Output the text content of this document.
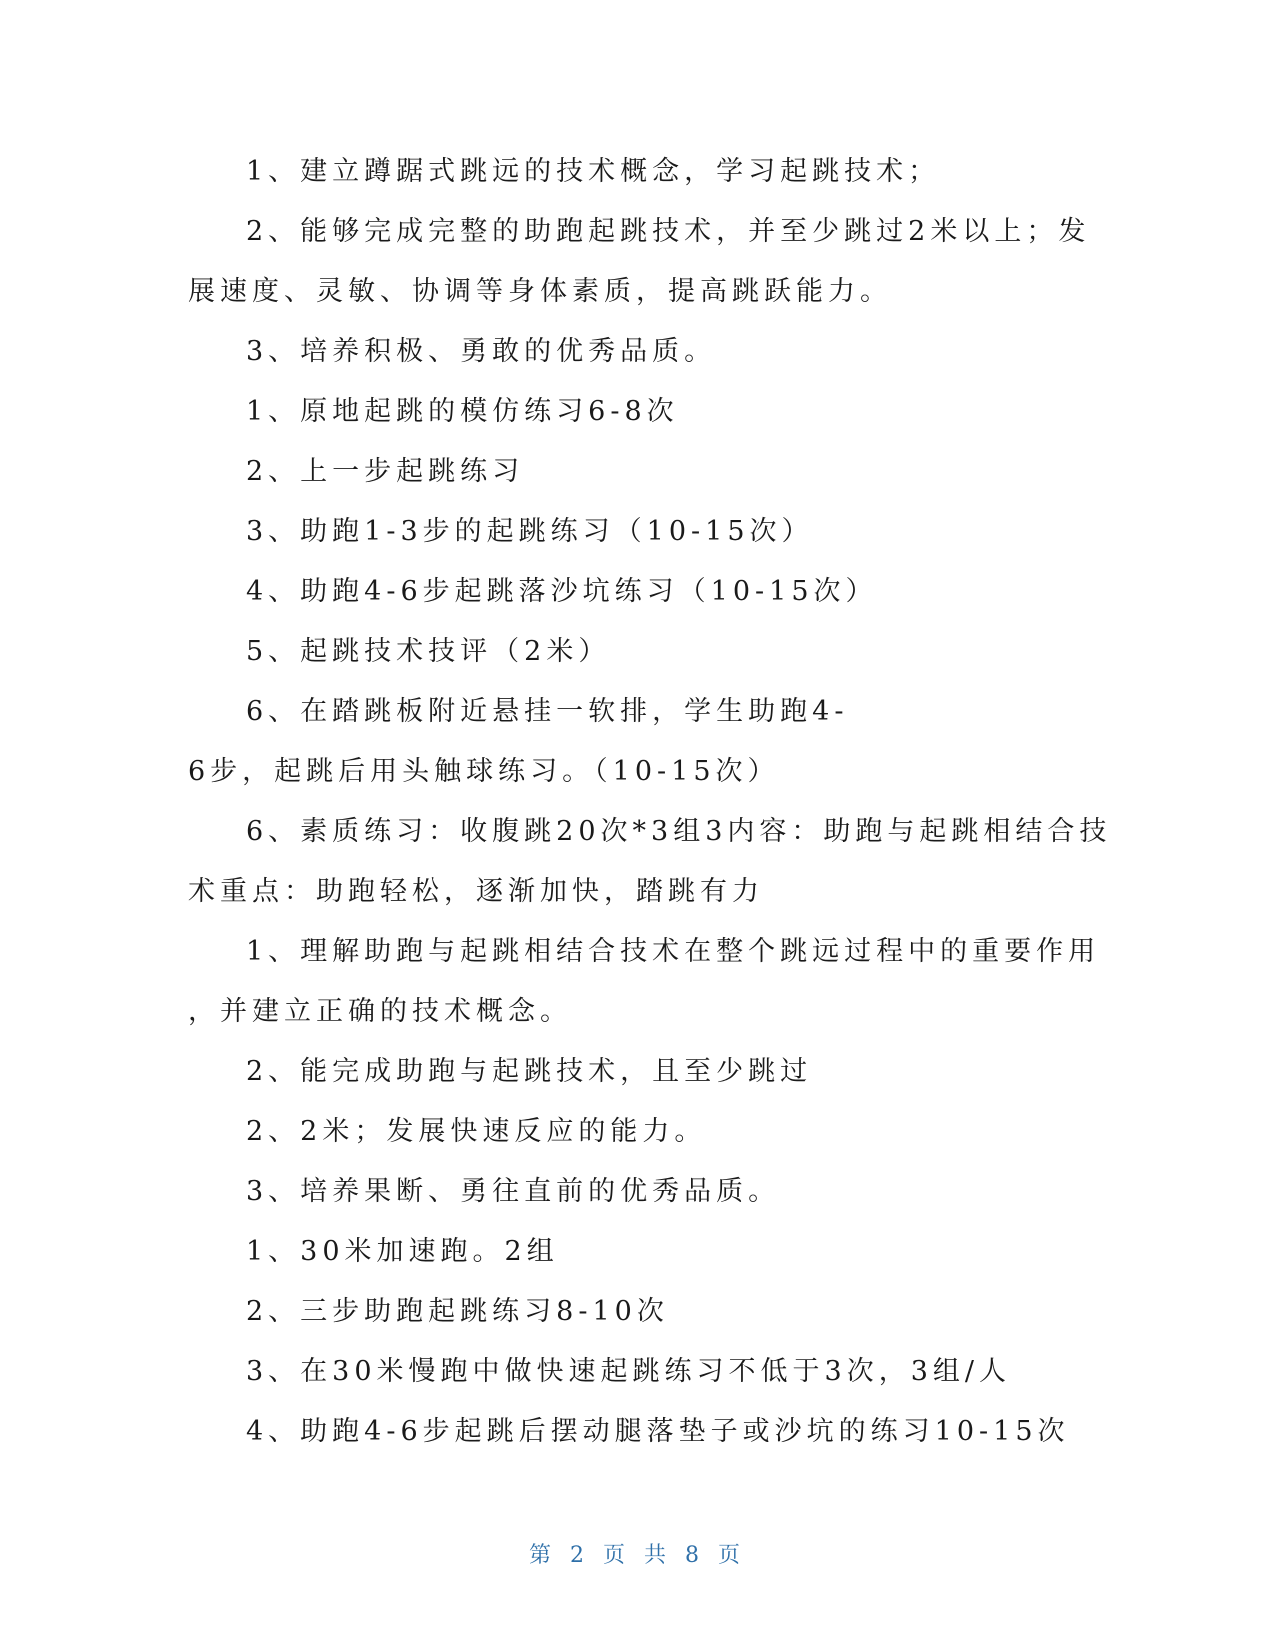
1、建立蹲踞式跳远的技术概念，学习起跳技术；
2、能够完成完整的助跑起跳技术，并至少跳过2米以上；发
展速度、灵敏、协调等身体素质，提高跳跃能力。
3、培养积极、勇敢的优秀品质。
1、原地起跳的模仿练习6-8次
2、上一步起跳练习
3、助跑1-3步的起跳练习（10-15次）
4、助跑4-6步起跳落沙坑练习（10-15次）
5、起跳技术技评（2米）
6、在踏跳板附近悬挂一软排，学生助跑4-
6步，起跳后用头触球练习。（10-15次）
6、素质练习：收腹跳20次*3组3内容：助跑与起跳相结合技
术重点：助跑轻松，逐渐加快，踏跳有力
1、理解助跑与起跳相结合技术在整个跳远过程中的重要作用
，并建立正确的技术概念。
2、能完成助跑与起跳技术，且至少跳过
2、2米；发展快速反应的能力。
3、培养果断、勇往直前的优秀品质。
1、30米加速跑。2组
2、三步助跑起跳练习8-10次
3、在30米慢跑中做快速起跳练习不低于3次，3组/人
4、助跑4-6步起跳后摆动腿落垫子或沙坑的练习10-15次
第 2 页 共 8 页
